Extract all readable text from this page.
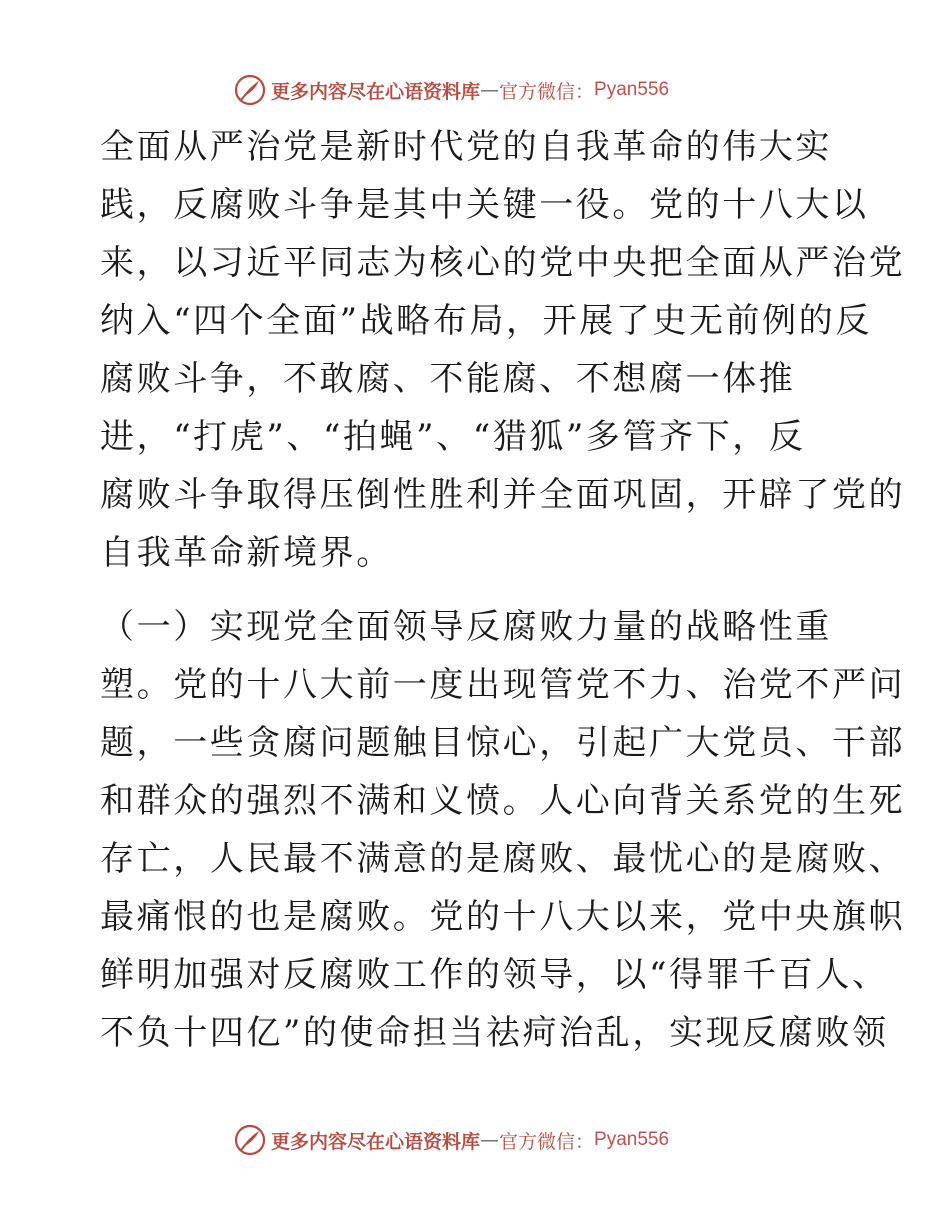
更多内容尽在心语资料库 — 官方微信： Pyan556
全面从严治党是新时代党的自我革命的伟大实
践，反腐败斗争是其中关键一役。党的十八大以
来，以习近平同志为核心的党中央把全面从严治党
纳入“四个全面”战略布局，开展了史无前例的反
腐败斗争，不敢腐、不能腐、不想腐一体推
进，“打虎”、“拍蝇”、“猎狐”多管齐下，反
腐败斗争取得压倒性胜利并全面巩固，开辟了党的
自我革命新境界。
（一）实现党全面领导反腐败力量的战略性重
塑。党的十八大前一度出现管党不力、治党不严问
题，一些贪腐问题触目惊心，引起广大党员、干部
和群众的强烈不满和义愤。人心向背关系党的生死
存亡，人民最不满意的是腐败、最忧心的是腐败、
最痛恨的也是腐败。党的十八大以来，党中央旗帜
鲜明加强对反腐败工作的领导，以“得罪千百人、
不负十四亿”的使命担当祛疴治乱，实现反腐败领
更多内容尽在心语资料库 — 官方微信： Pyan556
